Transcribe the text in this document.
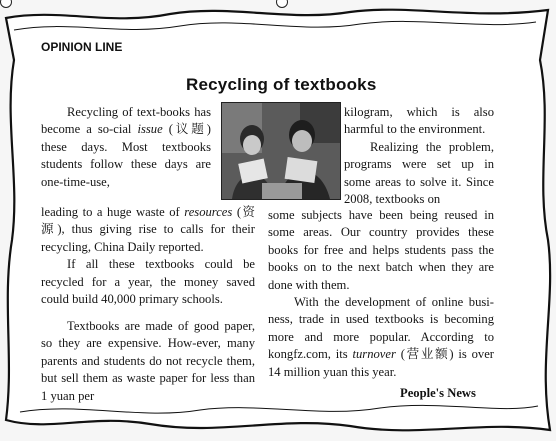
OPINION LINE
Recycling of textbooks

Recycling of text-books has become a so-cial issue (议题) these days. Most textbooks students follow these days are one-time-use,

kilogram, which is also harmful to the environment.

Realizing the problem, programs were set up in some areas to solve it. Since 2008, textbooks on

leading to a huge waste of resources (资源), thus giving rise to calls for their recycling, China Daily reported.

If all these textbooks could be recycled for a year, the money saved could build 40,000 primary schools.

Textbooks are made of good paper, so they are expensive. How-ever, many parents and students do not recycle them, but sell them as waste paper for less than 1 yuan per

some subjects have been being reused in some areas. Our country provides these books for free and helps students pass the books on to the next batch when they are done with them.

With the development of online busi-ness, trade in used textbooks is becoming more and more popular. According to kongfz.com, its turnover (营业额) is over 14 million yuan this year.

People's News
